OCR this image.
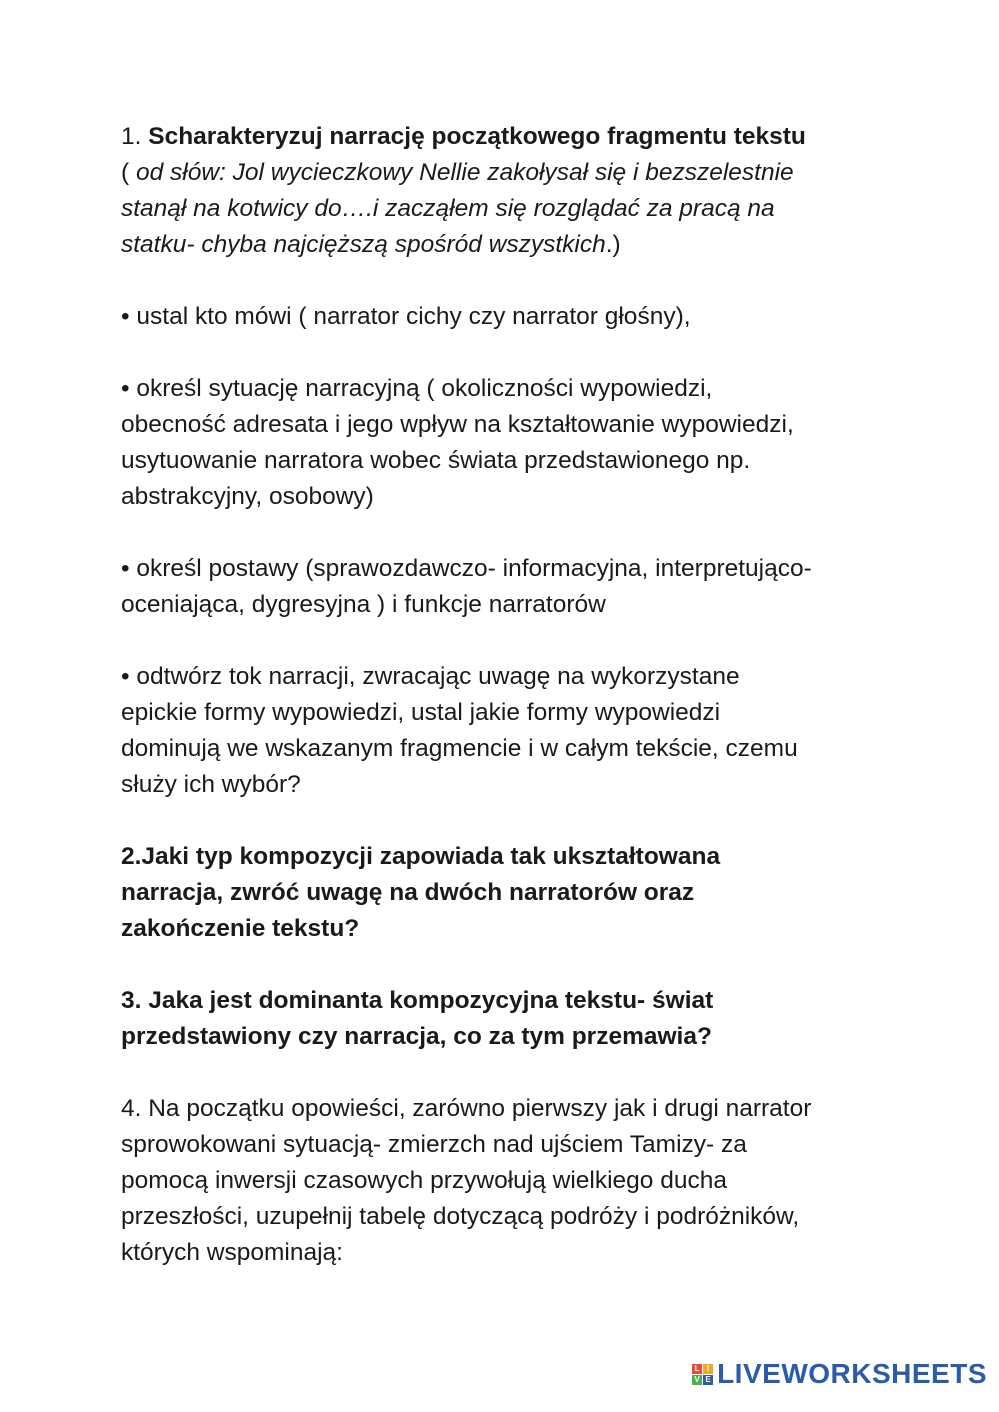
1. Scharakteryzuj narrację początkowego fragmentu tekstu
( od słów: Jol wycieczkowy Nellie zakołysał się i bezszelestnie
stanął na kotwicy do….i zacząłem się rozglądać za pracą na
statku- chyba najcięższą spośród wszystkich.)
• ustal kto mówi ( narrator cichy czy narrator głośny),
• określ sytuację narracyjną ( okoliczności wypowiedzi,
obecność adresata i jego wpływ na kształtowanie wypowiedzi,
usytuowanie narratora wobec świata przedstawionego np.
abstrakcyjny, osobowy)
• określ postawy (sprawozdawczo- informacyjna, interpretująco-
oceniająca, dygresyjna ) i funkcje narratorów
• odtwórz tok narracji, zwracając uwagę na wykorzystane
epickie formy wypowiedzi, ustal jakie formy wypowiedzi
dominują we wskazanym fragmencie i w całym tekście, czemu
służy ich wybór?
2.Jaki typ kompozycji zapowiada tak ukształtowana
narracja, zwróć uwagę na dwóch narratorów oraz
zakończenie tekstu?
3. Jaka jest dominanta kompozycyjna tekstu- świat
przedstawiony czy narracja, co za tym przemawia?
4. Na początku opowieści, zarówno pierwszy jak i drugi narrator
sprowokowani sytuacją- zmierzch nad ujściem Tamizy- za
pomocą inwersji czasowych przywołują wielkiego ducha
przeszłości, uzupełnij tabelę dotyczącą podróży i podróżników,
których wspominają:
L I
V E LIVEWORKSHEETS
